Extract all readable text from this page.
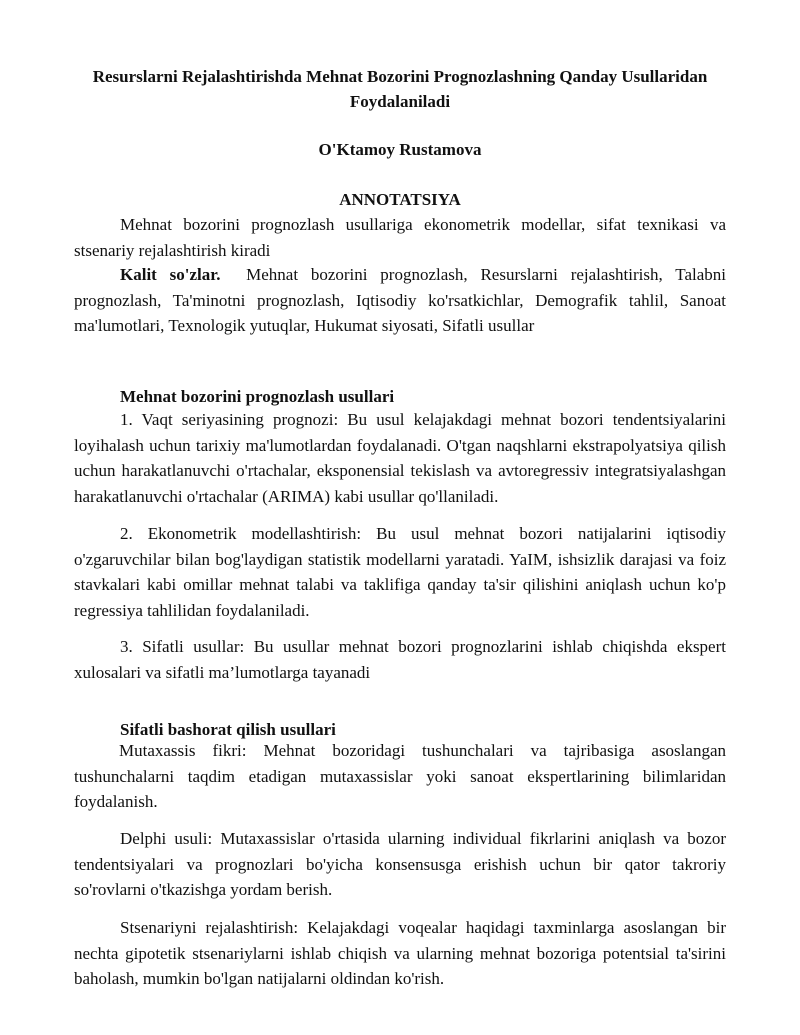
Resurslarni Rejalashtirishda Mehnat Bozorini Prognozlashning Qanday Usullaridan Foydalaniladi

O'Ktamoy Rustamova

ANNOTATSIYA

Mehnat bozorini prognozlash usullariga ekonometrik modellar, sifat texnikasi va stsenariy rejalashtirish kiradi

Kalit so'zlar. Mehnat bozorini prognozlash, Resurslarni rejalashtirish, Talabni prognozlash, Ta'minotni prognozlash, Iqtisodiy ko'rsatkichlar, Demografik tahlil, Sanoat ma'lumotlari, Texnologik yutuqlar, Hukumat siyosati, Sifatli usullar

Mehnat bozorini prognozlash usullari

1. Vaqt seriyasining prognozi: Bu usul kelajakdagi mehnat bozori tendentsiyalarini loyihalash uchun tarixiy ma'lumotlardan foydalanadi. O'tgan naqshlarni ekstrapolyatsiya qilish uchun harakatlanuvchi o'rtachalar, eksponensial tekislash va avtoregressiv integratsiyalashgan harakatlanuvchi o'rtachalar (ARIMA) kabi usullar qo'llaniladi.

2. Ekonometrik modellashtirish: Bu usul mehnat bozori natijalarini iqtisodiy o'zgaruvchilar bilan bog'laydigan statistik modellarni yaratadi. YaIM, ishsizlik darajasi va foiz stavkalari kabi omillar mehnat talabi va taklifiga qanday ta'sir qilishini aniqlash uchun ko'p regressiya tahlilidan foydalaniladi.

3. Sifatli usullar: Bu usullar mehnat bozori prognozlarini ishlab chiqishda ekspert xulosalari va sifatli ma’lumotlarga tayanadi

Sifatli bashorat qilish usullari

Mutaxassis fikri: Mehnat bozoridagi tushunchalari va tajribasiga asoslangan tushunchalarni taqdim etadigan mutaxassislar yoki sanoat ekspertlarining bilimlaridan foydalanish.

Delphi usuli: Mutaxassislar o'rtasida ularning individual fikrlarini aniqlash va bozor tendentsiyalari va prognozlari bo'yicha konsensusga erishish uchun bir qator takroriy so'rovlarni o'tkazishga yordam berish.

Stsenariyni rejalashtirish: Kelajakdagi voqealar haqidagi taxminlarga asoslangan bir nechta gipotetik stsenariylarni ishlab chiqish va ularning mehnat bozoriga potentsial ta'sirini baholash, mumkin bo'lgan natijalarni oldindan ko'rish.
